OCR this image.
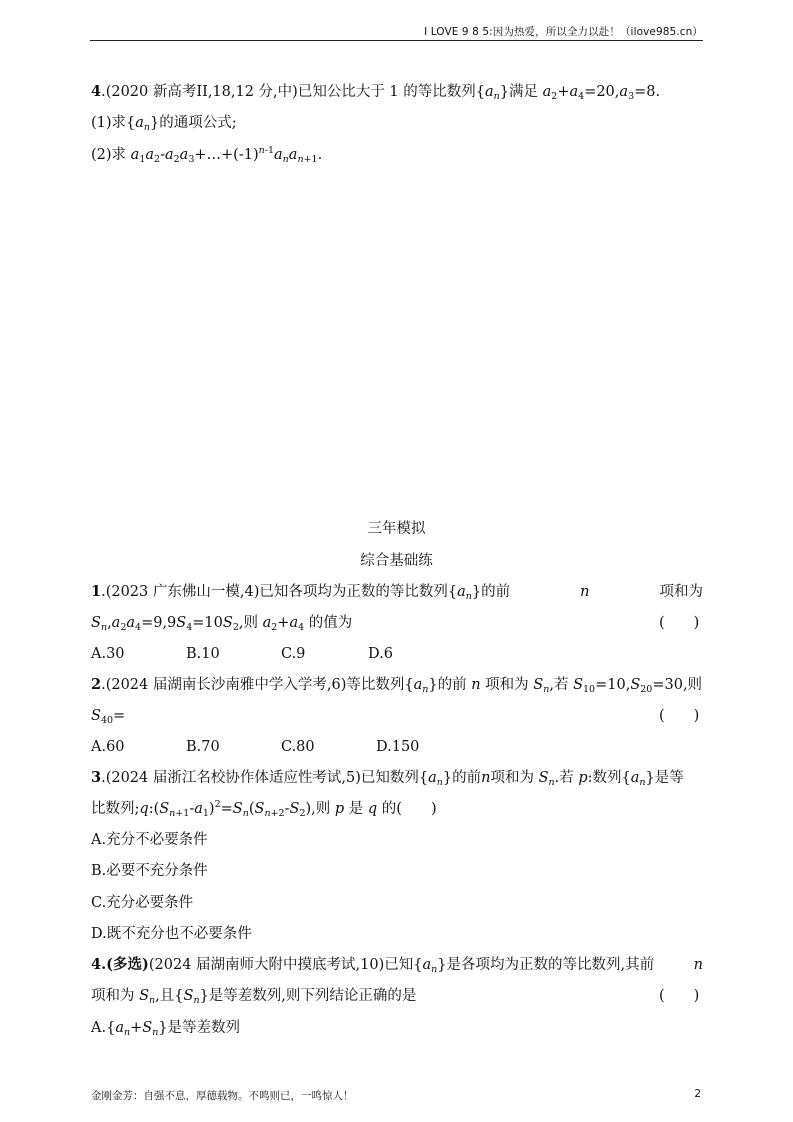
I LOVE 9 8 5:因为热爱，所以全力以赴！（ilove985.cn）
4.(2020 新高考II,18,12 分,中)已知公比大于 1 的等比数列$\{a_n\}$满足 $a_2+a_4=20,a_3=8$.
(1)求$\{a_n\}$的通项公式;
(2)求 $a_1a_2-a_2a_3+\dots+(-1)^{n-1}a_na_{n+1}$.
三年模拟
综合基础练
1.(2023 广东佛山一模,4)已知各项均为正数的等比数列$\{a_n\}$的前	n	项和为
$S_n,a_2a_4=9,9S_4=10S_2$,则 $a_2+a_4$ 的值为	(　　)
A.30	B.10	C.9	D.6
2.(2024 届湖南长沙南雅中学入学考,6)等比数列$\{a_n\}$的前 n 项和为 $S_n$,若 $S_{10}=10,S_{20}=30$,则
$S_{40}=$	(　　)
A.60	B.70	C.80	D.150
3.(2024 届浙江名校协作体适应性考试,5)已知数列$\{a_n\}$的前n项和为 $S_n$.若 p:数列$\{a_n\}$是等
比数列$;q:(S_{n+1}-a_1)^2=S_n(S_{n+2}-S_2)$,则 p 是 q 的(　　)
A.充分不必要条件
B.必要不充分条件
C.充分必要条件
D.既不充分也不必要条件
4.(多选)(2024 届湖南师大附中摸底考试,10)已知$\{a_n\}$是各项均为正数的等比数列,其前	n
项和为 $S_n$,且$\{S_n\}$是等差数列,则下列结论正确的是	(　　)
$A.\{a_n+S_n\}$是等差数列
金刚金芳：自强不息，厚德载物。不鸣则已，一鸣惊人！	2
